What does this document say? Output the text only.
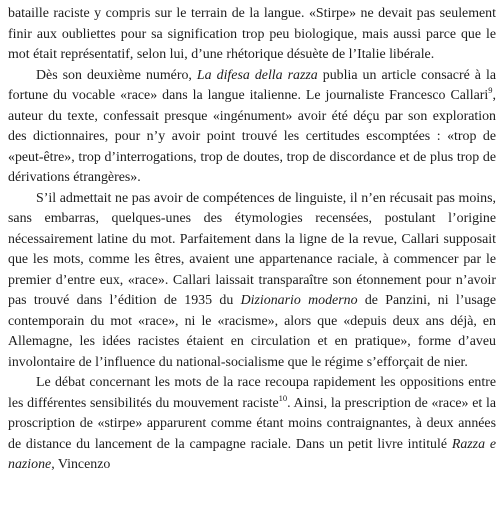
bataille raciste y compris sur le terrain de la langue. «Stirpe» ne devait pas seulement finir aux oubliettes pour sa signification trop peu biologique, mais aussi parce que le mot était représentatif, selon lui, d’une rhétorique désuète de l’Italie libérale.

Dès son deuxième numéro, La difesa della razza publia un article consacré à la fortune du vocable «race» dans la langue italienne. Le journaliste Francesco Callari$^9$, auteur du texte, confessait presque «ingénument» avoir été déçu par son exploration des dictionnaires, pour n’y avoir point trouvé les certitudes escomptées : «trop de «peut-être», trop d’interrogations, trop de doutes, trop de discordance et de plus trop de dérivations étrangères».

S’il admettait ne pas avoir de compétences de linguiste, il n’en récusait pas moins, sans embarras, quelques-unes des étymologies recensées, postulant l’origine nécessairement latine du mot. Parfaitement dans la ligne de la revue, Callari supposait que les mots, comme les êtres, avaient une appartenance raciale, à commencer par le premier d’entre eux, «race». Callari laissait transparaître son étonnement pour n’avoir pas trouvé dans l’édition de 1935 du Dizionario moderno de Panzini, ni l’usage contemporain du mot «race», ni le «racisme», alors que «depuis deux ans déjà, en Allemagne, les idées racistes étaient en circulation et en pratique», forme d’aveu involontaire de l’influence du national-socialisme que le régime s’efforçait de nier.

Le débat concernant les mots de la race recoupa rapidement les oppositions entre les différentes sensibilités du mouvement raciste$^{10}$. Ainsi, la prescription de «race» et la proscription de «stirpe» apparurent comme étant moins contraignantes, à deux années de distance du lancement de la campagne raciale. Dans un petit livre intitulé Razza e nazione, Vincenzo
